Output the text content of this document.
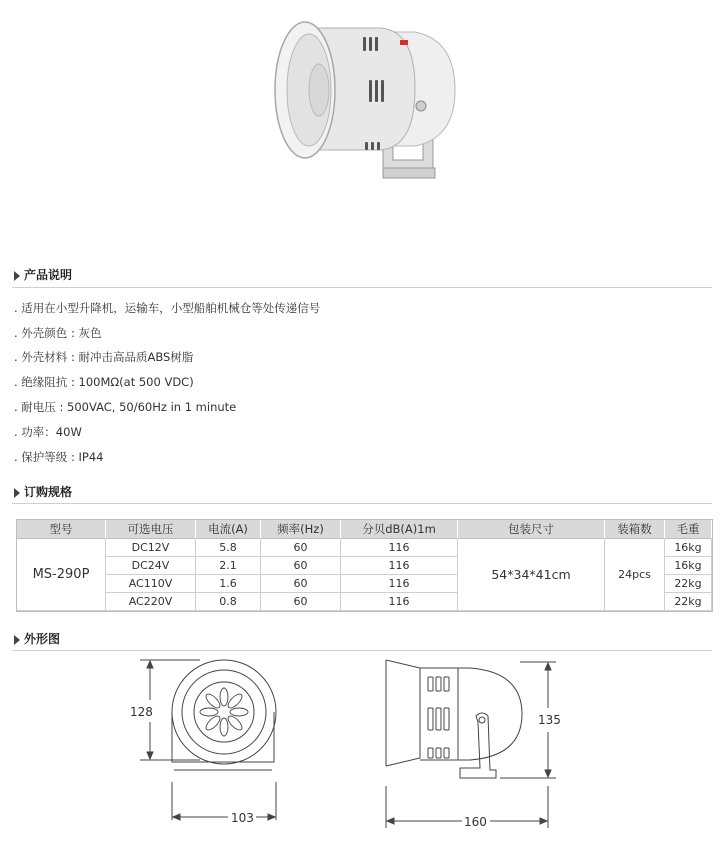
产品说明
. 适用在小型升降机，运输车，小型船舶机械仓等处传递信号
. 外壳颜色 : 灰色
. 外壳材料 : 耐冲击高品质ABS树脂
. 绝缘阻抗 : 100MΩ(at 500 VDC)
. 耐电压 : 500VAC, 50/60Hz in 1 minute
. 功率：40W
. 保护等级 : IP44
订购规格
型号	可选电压	电流(A)	频率(Hz)	分贝dB(A)1m	包装尺寸	装箱数	毛重
MS-290P	DC12V	5.8	60	116	54*34*41cm	24pcs	16kg
	DC24V	2.1	60	116			16kg
	AC110V	1.6	60	116			22kg
	AC220V	0.8	60	116			22kg
外形图
128
103
135
160
